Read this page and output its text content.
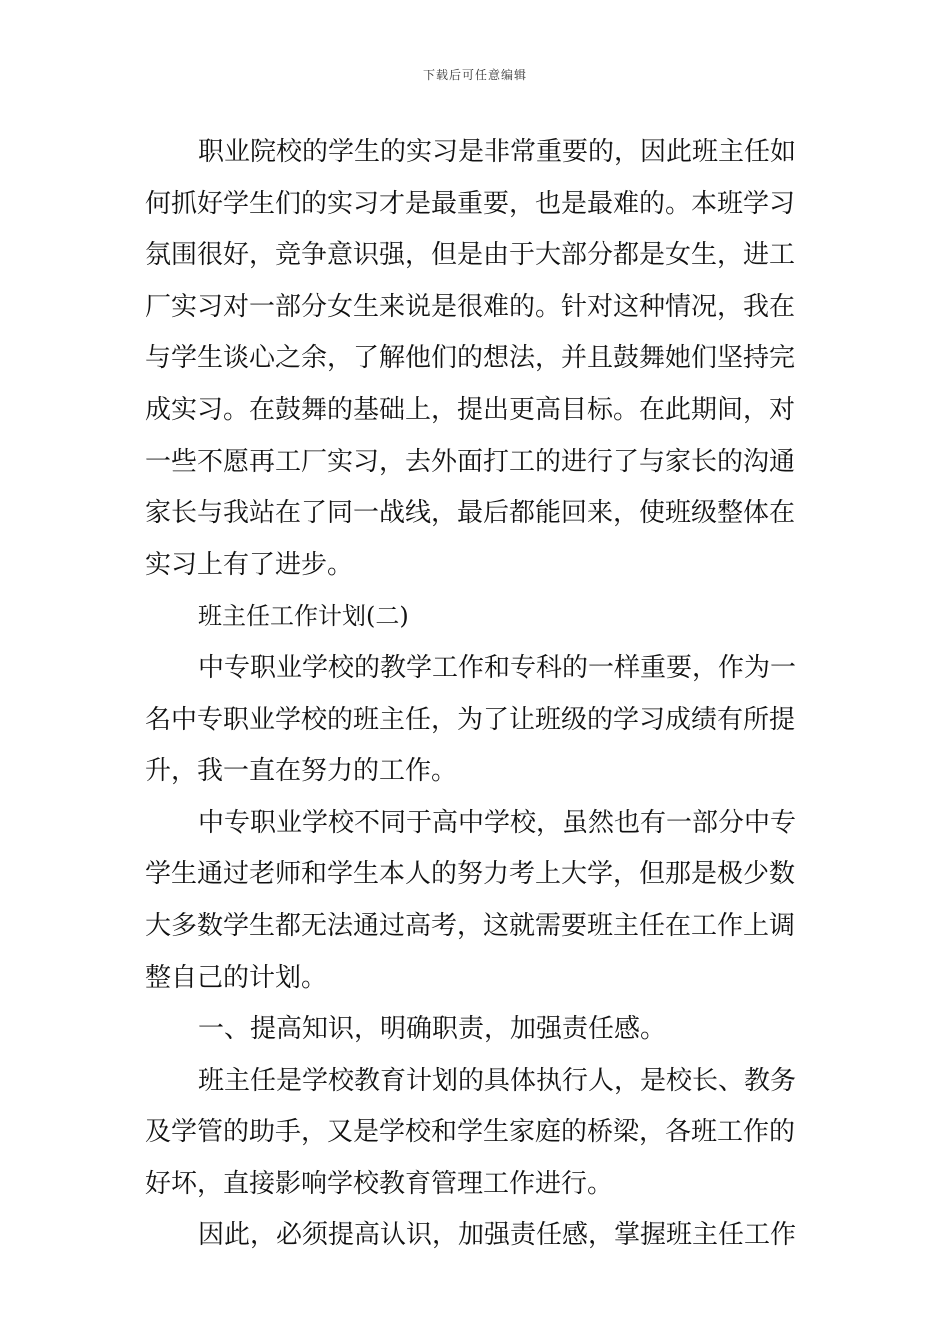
下载后可任意编辑
职业院校的学生的实习是非常重要的，因此班主任如
何抓好学生们的实习才是最重要，也是最难的。本班学习
氛围很好，竞争意识强，但是由于大部分都是女生，进工
厂实习对一部分女生来说是很难的。针对这种情况，我在
与学生谈心之余，了解他们的想法，并且鼓舞她们坚持完
成实习。在鼓舞的基础上，提出更高目标。在此期间，对
一些不愿再工厂实习，去外面打工的进行了与家长的沟通
家长与我站在了同一战线，最后都能回来，使班级整体在
实习上有了进步。
班主任工作计划(二)
中专职业学校的教学工作和专科的一样重要，作为一
名中专职业学校的班主任，为了让班级的学习成绩有所提
升，我一直在努力的工作。
中专职业学校不同于高中学校，虽然也有一部分中专
学生通过老师和学生本人的努力考上大学，但那是极少数
大多数学生都无法通过高考，这就需要班主任在工作上调
整自己的计划。
一、提高知识，明确职责，加强责任感。
班主任是学校教育计划的具体执行人，是校长、教务
及学管的助手，又是学校和学生家庭的桥梁，各班工作的
好坏，直接影响学校教育管理工作进行。
因此，必须提高认识，加强责任感，掌握班主任工作
